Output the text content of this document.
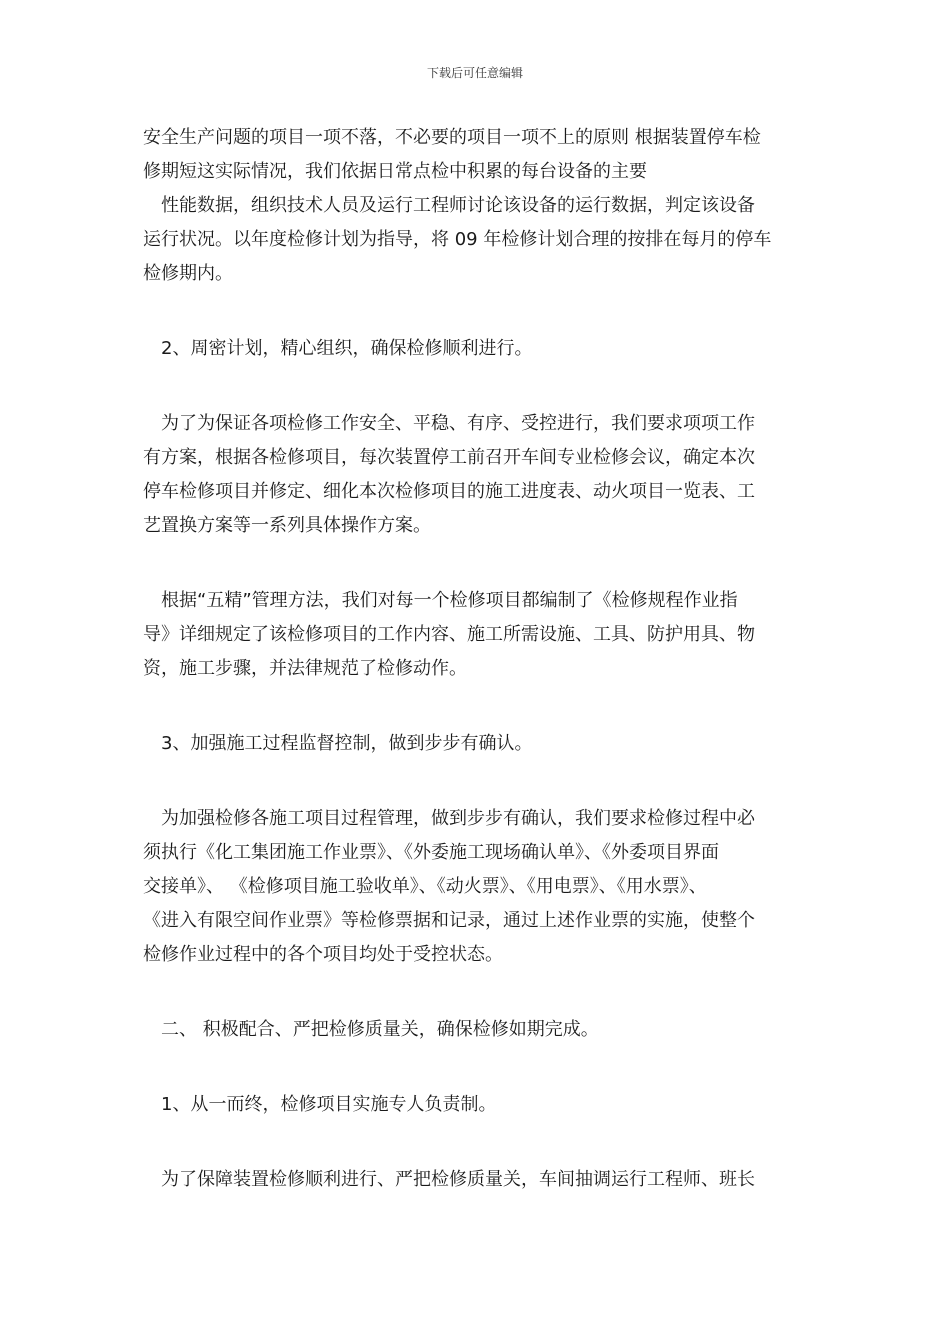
下载后可任意编辑

安全生产问题的项目一项不落，不必要的项目一项不上的原则 根据装置停车检
修期短这实际情况，我们依据日常点检中积累的每台设备的主要
　性能数据，组织技术人员及运行工程师讨论该设备的运行数据，判定该设备
运行状况。以年度检修计划为指导，将 09 年检修计划合理的按排在每月的停车
检修期内。

　2、周密计划，精心组织，确保检修顺利进行。

　为了为保证各项检修工作安全、平稳、有序、受控进行，我们要求项项工作
有方案，根据各检修项目，每次装置停工前召开车间专业检修会议，确定本次
停车检修项目并修定、细化本次检修项目的施工进度表、动火项目一览表、工
艺置换方案等一系列具体操作方案。

　根据“五精”管理方法，我们对每一个检修项目都编制了《检修规程作业指
导》详细规定了该检修项目的工作内容、施工所需设施、工具、防护用具、物
资，施工步骤，并法律规范了检修动作。

　3、加强施工过程监督控制，做到步步有确认。

　为加强检修各施工项目过程管理，做到步步有确认，我们要求检修过程中必
须执行《化工集团施工作业票》、《外委施工现场确认单》、《外委项目界面
交接单》、 《检修项目施工验收单》、《动火票》、《用电票》、《用水票》、
《进入有限空间作业票》等检修票据和记录，通过上述作业票的实施，使整个
检修作业过程中的各个项目均处于受控状态。

　二、 积极配合、严把检修质量关，确保检修如期完成。

　1、从一而终，检修项目实施专人负责制。

　为了保障装置检修顺利进行、严把检修质量关，车间抽调运行工程师、班长
